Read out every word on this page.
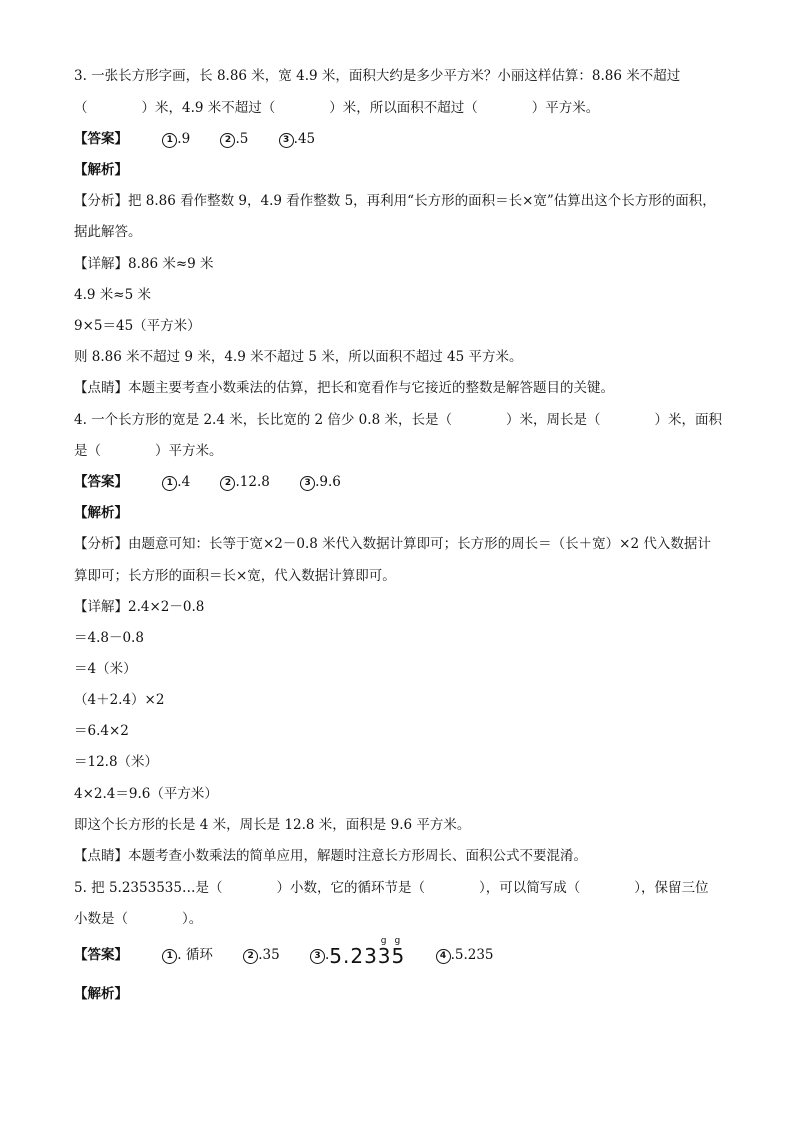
3. 一张长方形字画，长 8.86 米，宽 4.9 米，面积大约是多少平方米？小丽这样估算：8.86 米不超过
（　　　　）米，4.9 米不超过（　　　　）米，所以面积不超过（　　　　）平方米。
【答案】	1 .9	2 .5	3 .45
【解析】
【分析】把 8.86 看作整数 9，4.9 看作整数 5，再利用“长方形的面积＝长×宽”估算出这个长方形的面积，
据此解答。
【详解】8.86 米≈9 米
4.9 米≈5 米
9×5＝45（平方米）
则 8.86 米不超过 9 米，4.9 米不超过 5 米，所以面积不超过 45 平方米。
【点睛】本题主要考查小数乘法的估算，把长和宽看作与它接近的整数是解答题目的关键。
4. 一个长方形的宽是 2.4 米，长比宽的 2 倍少 0.8 米，长是（　　　　）米，周长是（　　　　）米，面积
是（　　　　）平方米。
【答案】	1 .4	2 .12.8	3 .9.6
【解析】
【分析】由题意可知：长等于宽×2－0.8 米代入数据计算即可；长方形的周长＝（长＋宽）×2 代入数据计
算即可；长方形的面积＝长×宽，代入数据计算即可。
【详解】2.4×2－0.8
＝4.8－0.8
＝4（米）
（4＋2.4）×2
＝6.4×2
＝12.8（米）
4×2.4＝9.6（平方米）
即这个长方形的长是 4 米，周长是 12.8 米，面积是 9.6 平方米。
【点睛】本题考查小数乘法的简单应用，解题时注意长方形周长、面积公式不要混淆。
5. 把 5.2353535…是（　　　　）小数，它的循环节是（　　　　），可以简写成（　　　　），保留三位
小数是（　　　　）。
【答案】	1 . 循环	2 .35	3 .5.23
g
3
g
5	4 .5.235
【解析】
